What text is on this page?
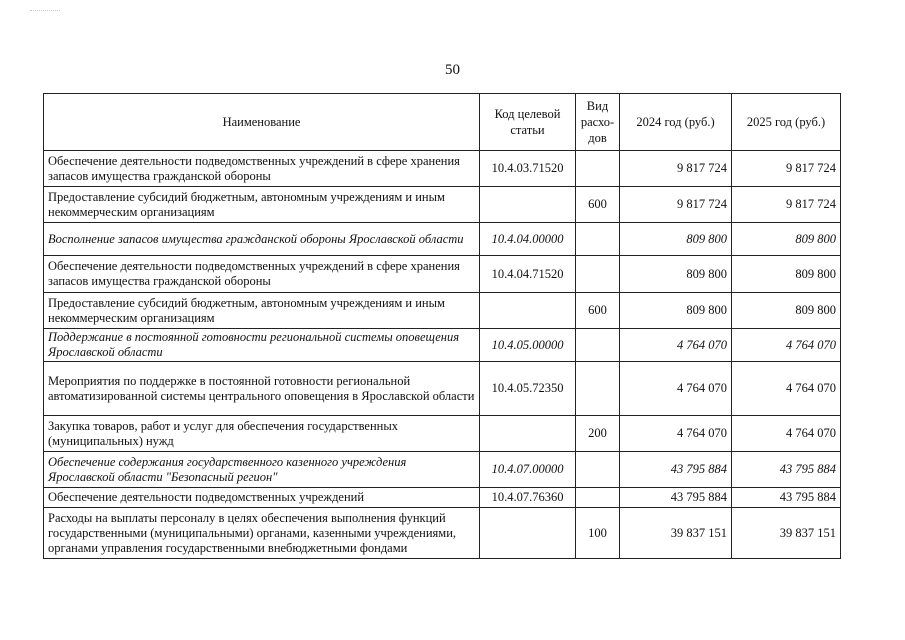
50
Наименование	Код целевой статьи	Вид расхо-дов	2024 год (руб.)	2025 год (руб.)
Обеспечение деятельности подведомственных учреждений в сфере хранения запасов имущества гражданской обороны	10.4.03.71520		9 817 724	9 817 724
Предоставление субсидий бюджетным, автономным учреждениям и иным некоммерческим организациям		600	9 817 724	9 817 724
Восполнение запасов имущества гражданской обороны Ярославской области	10.4.04.00000		809 800	809 800
Обеспечение деятельности подведомственных учреждений в сфере хранения запасов имущества гражданской обороны	10.4.04.71520		809 800	809 800
Предоставление субсидий бюджетным, автономным учреждениям и иным некоммерческим организациям		600	809 800	809 800
Поддержание в постоянной готовности региональной системы оповещения Ярославской области	10.4.05.00000		4 764 070	4 764 070
Мероприятия по поддержке в постоянной готовности региональной автоматизированной системы центрального оповещения в Ярославской области	10.4.05.72350		4 764 070	4 764 070
Закупка товаров, работ и услуг для обеспечения государственных (муниципальных) нужд		200	4 764 070	4 764 070
Обеспечение содержания государственного казенного учреждения Ярославской области "Безопасный регион"	10.4.07.00000		43 795 884	43 795 884
Обеспечение деятельности подведомственных учреждений	10.4.07.76360		43 795 884	43 795 884
Расходы на выплаты персоналу в целях обеспечения выполнения функций государственными (муниципальными) органами, казенными учреждениями, органами управления государственными внебюджетными фондами		100	39 837 151	39 837 151
